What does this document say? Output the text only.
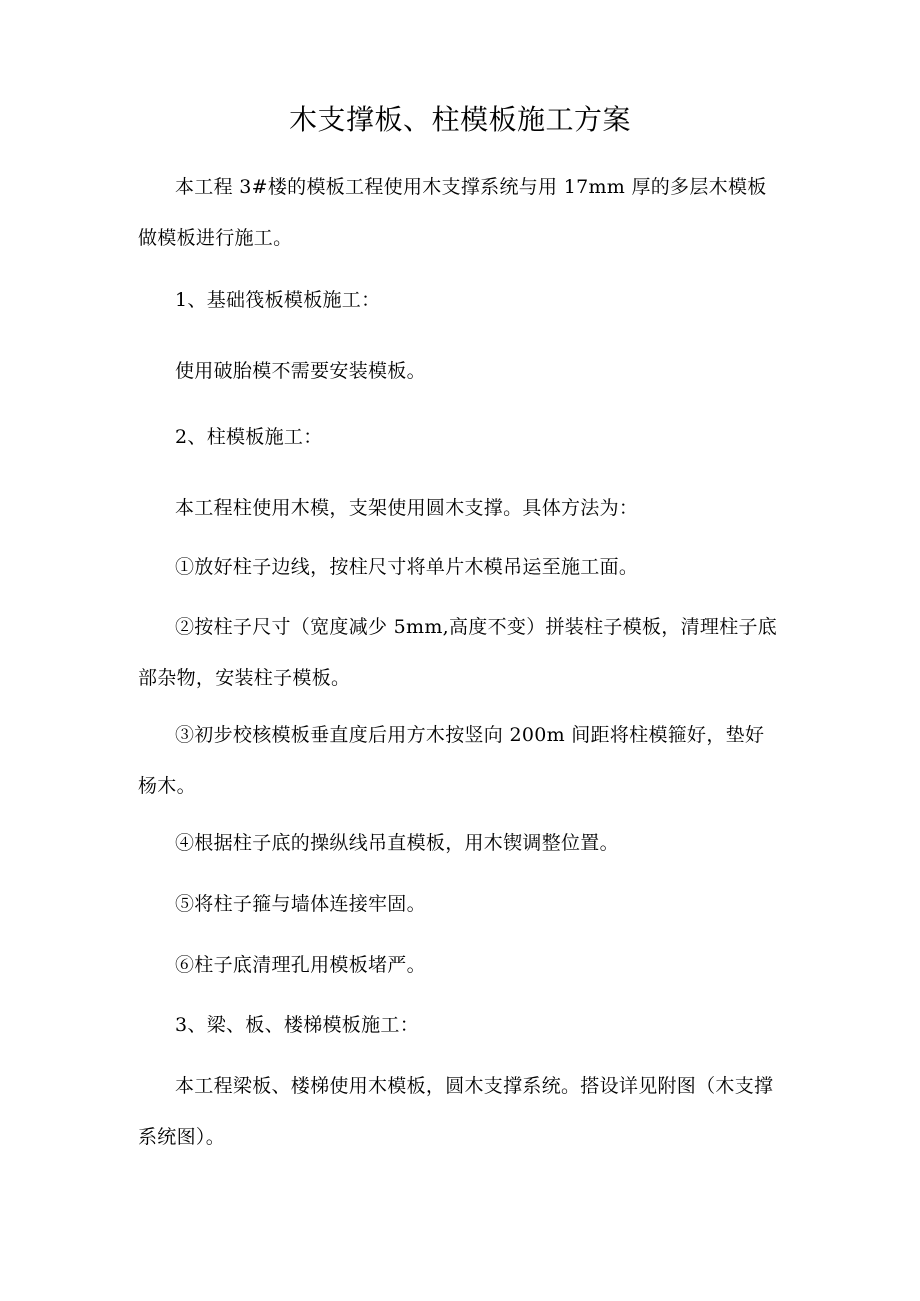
木支撑板、柱模板施工方案

本工程 3#楼的模板工程使用木支撑系统与用 17mm 厚的多层木模板做模板进行施工。

1、基础筏板模板施工：

使用破胎模不需要安装模板。

2、柱模板施工：

本工程柱使用木模，支架使用圆木支撑。具体方法为：

①放好柱子边线，按柱尺寸将单片木模吊运至施工面。

②按柱子尺寸（宽度减少 5mm,高度不变）拼装柱子模板，清理柱子底部杂物，安装柱子模板。

③初步校核模板垂直度后用方木按竖向 200m 间距将柱模箍好，垫好杨木。

④根据柱子底的操纵线吊直模板，用木锲调整位置。

⑤将柱子箍与墙体连接牢固。

⑥柱子底清理孔用模板堵严。

3、梁、板、楼梯模板施工：

本工程梁板、楼梯使用木模板，圆木支撑系统。搭设详见附图（木支撑系统图）。
